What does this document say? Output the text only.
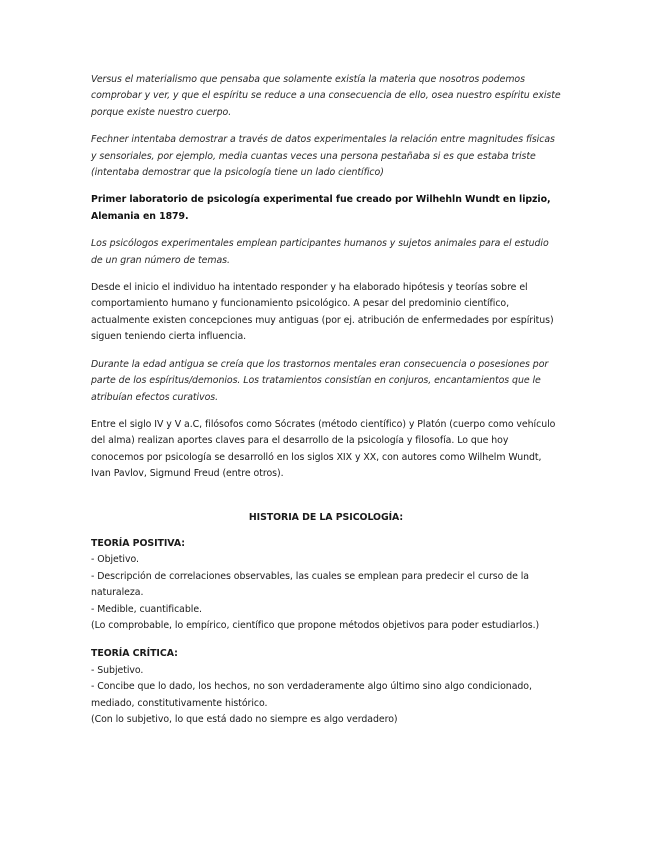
Versus el materialismo que pensaba que solamente existía la materia que nosotros podemos comprobar y ver, y que el espíritu se reduce a una consecuencia de ello, osea nuestro espíritu existe porque existe nuestro cuerpo.

Fechner intentaba demostrar a través de datos experimentales la relación entre magnitudes físicas y sensoriales, por ejemplo, media cuantas veces una persona pestañaba si es que estaba triste (intentaba demostrar que la psicología tiene un lado científico)

Primer laboratorio de psicología experimental fue creado por Wilhehln Wundt en lipzio, Alemania en 1879.

Los psicólogos experimentales emplean participantes humanos y sujetos animales para el estudio de un gran número de temas.

Desde el inicio el individuo ha intentado responder y ha elaborado hipótesis y teorías sobre el comportamiento humano y funcionamiento psicológico. A pesar del predominio científico, actualmente existen concepciones muy antiguas (por ej. atribución de enfermedades por espíritus) siguen teniendo cierta influencia.

Durante la edad antigua se creía que los trastornos mentales eran consecuencia o posesiones por parte de los espíritus/demonios. Los tratamientos consistían en conjuros, encantamientos que le atribuían efectos curativos.

Entre el siglo IV y V a.C, filósofos como Sócrates (método científico) y Platón (cuerpo como vehículo del alma) realizan aportes claves para el desarrollo de la psicología y filosofía. Lo que hoy conocemos por psicología se desarrolló en los siglos XIX y XX, con autores como Wilhelm Wundt, Ivan Pavlov, Sigmund Freud (entre otros).

HISTORIA DE LA PSICOLOGÍA:
TEORÍA POSITIVA:
- Objetivo.
- Descripción de correlaciones observables, las cuales se emplean para predecir el curso de la naturaleza.
- Medible, cuantificable.
(Lo comprobable, lo empírico, científico que propone métodos objetivos para poder estudiarlos.)
TEORÍA CRÍTICA:
- Subjetivo.
- Concibe que lo dado, los hechos, no son verdaderamente algo último sino algo condicionado, mediado, constitutivamente histórico.
(Con lo subjetivo, lo que está dado no siempre es algo verdadero)
